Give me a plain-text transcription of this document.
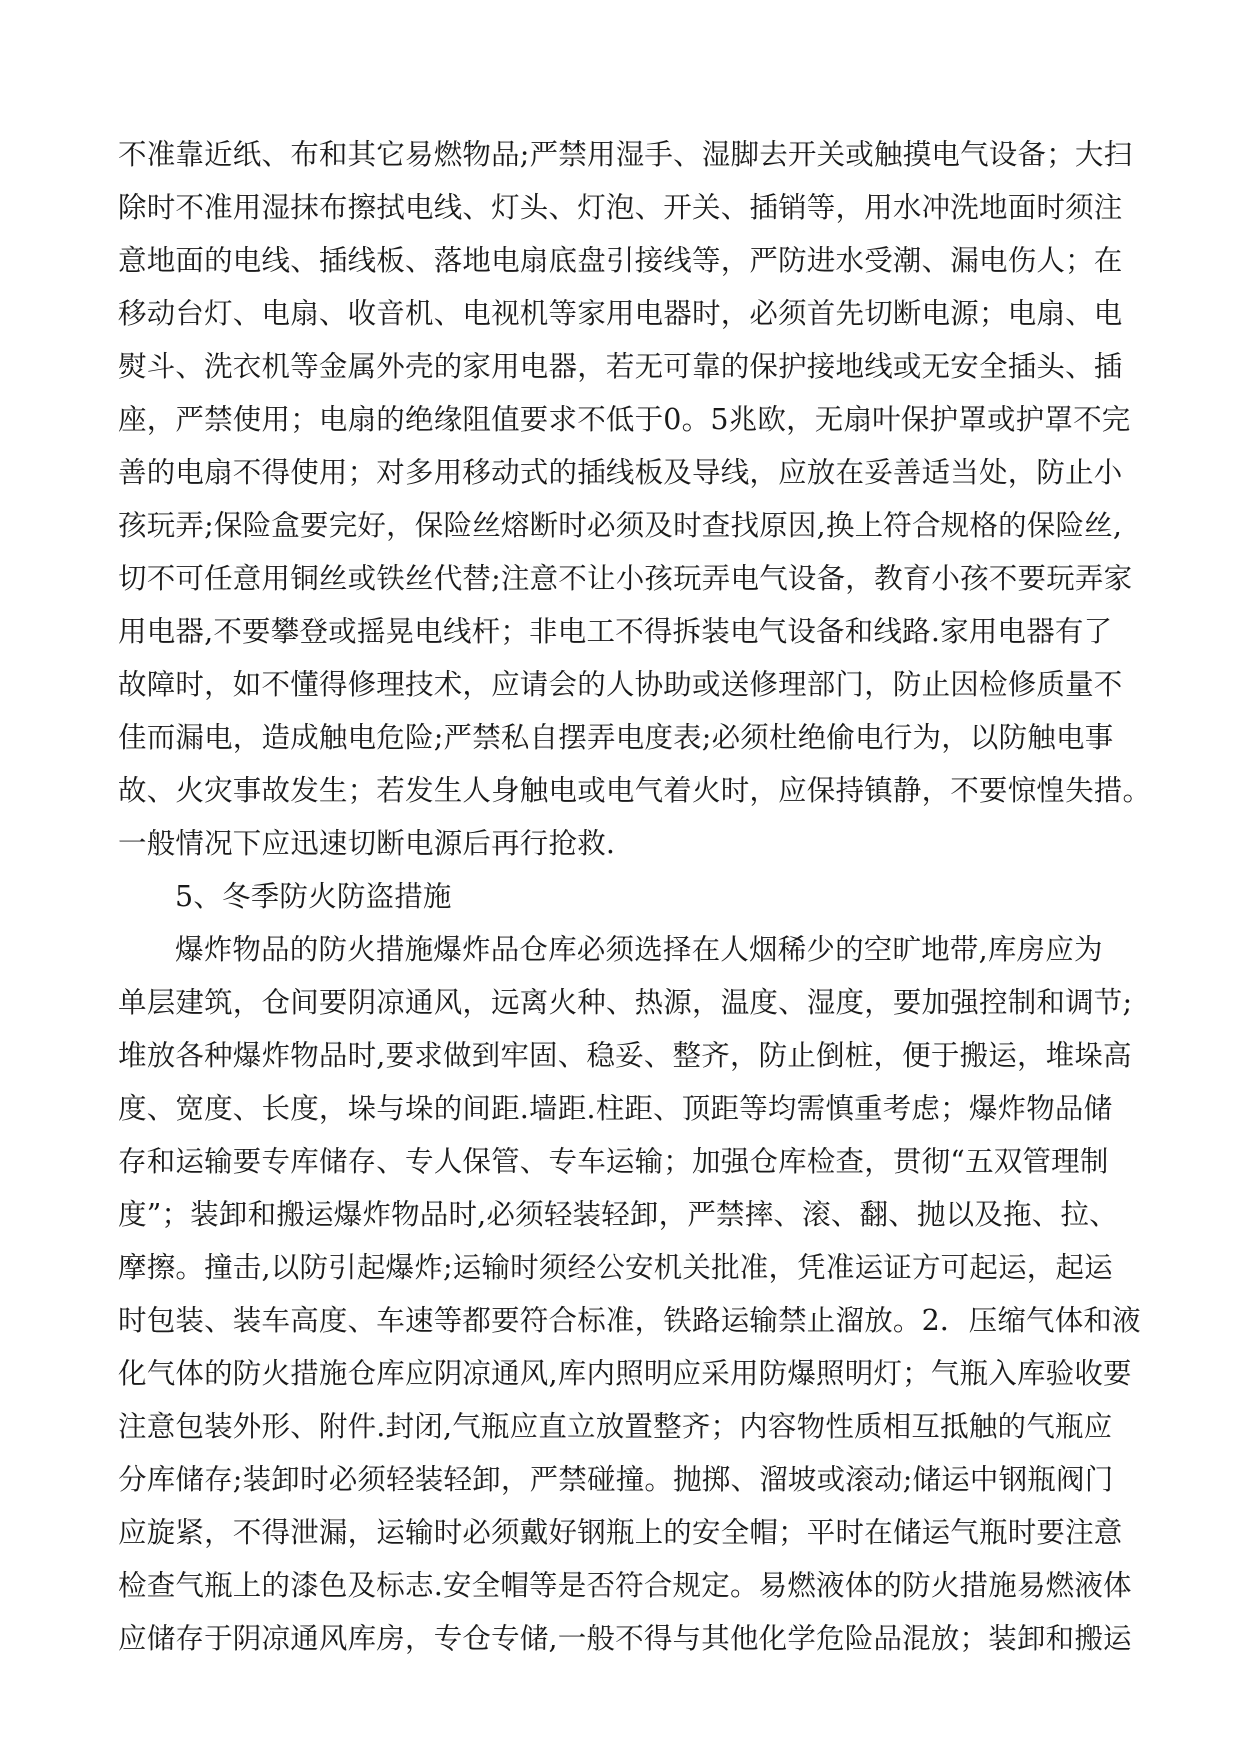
不准靠近纸、布和其它易燃物品;严禁用湿手、湿脚去开关或触摸电气设备；大扫
除时不准用湿抹布擦拭电线、灯头、灯泡、开关、插销等，用水冲洗地面时须注
意地面的电线、插线板、落地电扇底盘引接线等，严防进水受潮、漏电伤人；在
移动台灯、电扇、收音机、电视机等家用电器时，必须首先切断电源；电扇、电
熨斗、洗衣机等金属外壳的家用电器，若无可靠的保护接地线或无安全插头、插
座，严禁使用；电扇的绝缘阻值要求不低于0。5兆欧，无扇叶保护罩或护罩不完
善的电扇不得使用；对多用移动式的插线板及导线，应放在妥善适当处，防止小
孩玩弄;保险盒要完好，保险丝熔断时必须及时查找原因,换上符合规格的保险丝,
切不可任意用铜丝或铁丝代替;注意不让小孩玩弄电气设备，教育小孩不要玩弄家
用电器,不要攀登或摇晃电线杆；非电工不得拆装电气设备和线路.家用电器有了
故障时，如不懂得修理技术，应请会的人协助或送修理部门，防止因检修质量不
佳而漏电，造成触电危险;严禁私自摆弄电度表;必须杜绝偷电行为，以防触电事
故、火灾事故发生；若发生人身触电或电气着火时，应保持镇静，不要惊惶失措。
一般情况下应迅速切断电源后再行抢救.
5、冬季防火防盗措施
爆炸物品的防火措施爆炸品仓库必须选择在人烟稀少的空旷地带,库房应为
单层建筑，仓间要阴凉通风，远离火种、热源，温度、湿度，要加强控制和调节;
堆放各种爆炸物品时,要求做到牢固、稳妥、整齐，防止倒桩，便于搬运，堆垛高
度、宽度、长度，垛与垛的间距.墙距.柱距、顶距等均需慎重考虑；爆炸物品储
存和运输要专库储存、专人保管、专车运输；加强仓库检查，贯彻“五双管理制
度”；装卸和搬运爆炸物品时,必须轻装轻卸，严禁摔、滚、翻、抛以及拖、拉、
摩擦。撞击,以防引起爆炸;运输时须经公安机关批准，凭准运证方可起运，起运
时包装、装车高度、车速等都要符合标准，铁路运输禁止溜放。2．压缩气体和液
化气体的防火措施仓库应阴凉通风,库内照明应采用防爆照明灯；气瓶入库验收要
注意包装外形、附件.封闭,气瓶应直立放置整齐；内容物性质相互抵触的气瓶应
分库储存;装卸时必须轻装轻卸，严禁碰撞。抛掷、溜坡或滚动;储运中钢瓶阀门
应旋紧，不得泄漏，运输时必须戴好钢瓶上的安全帽；平时在储运气瓶时要注意
检查气瓶上的漆色及标志.安全帽等是否符合规定。易燃液体的防火措施易燃液体
应储存于阴凉通风库房，专仓专储,一般不得与其他化学危险品混放；装卸和搬运
